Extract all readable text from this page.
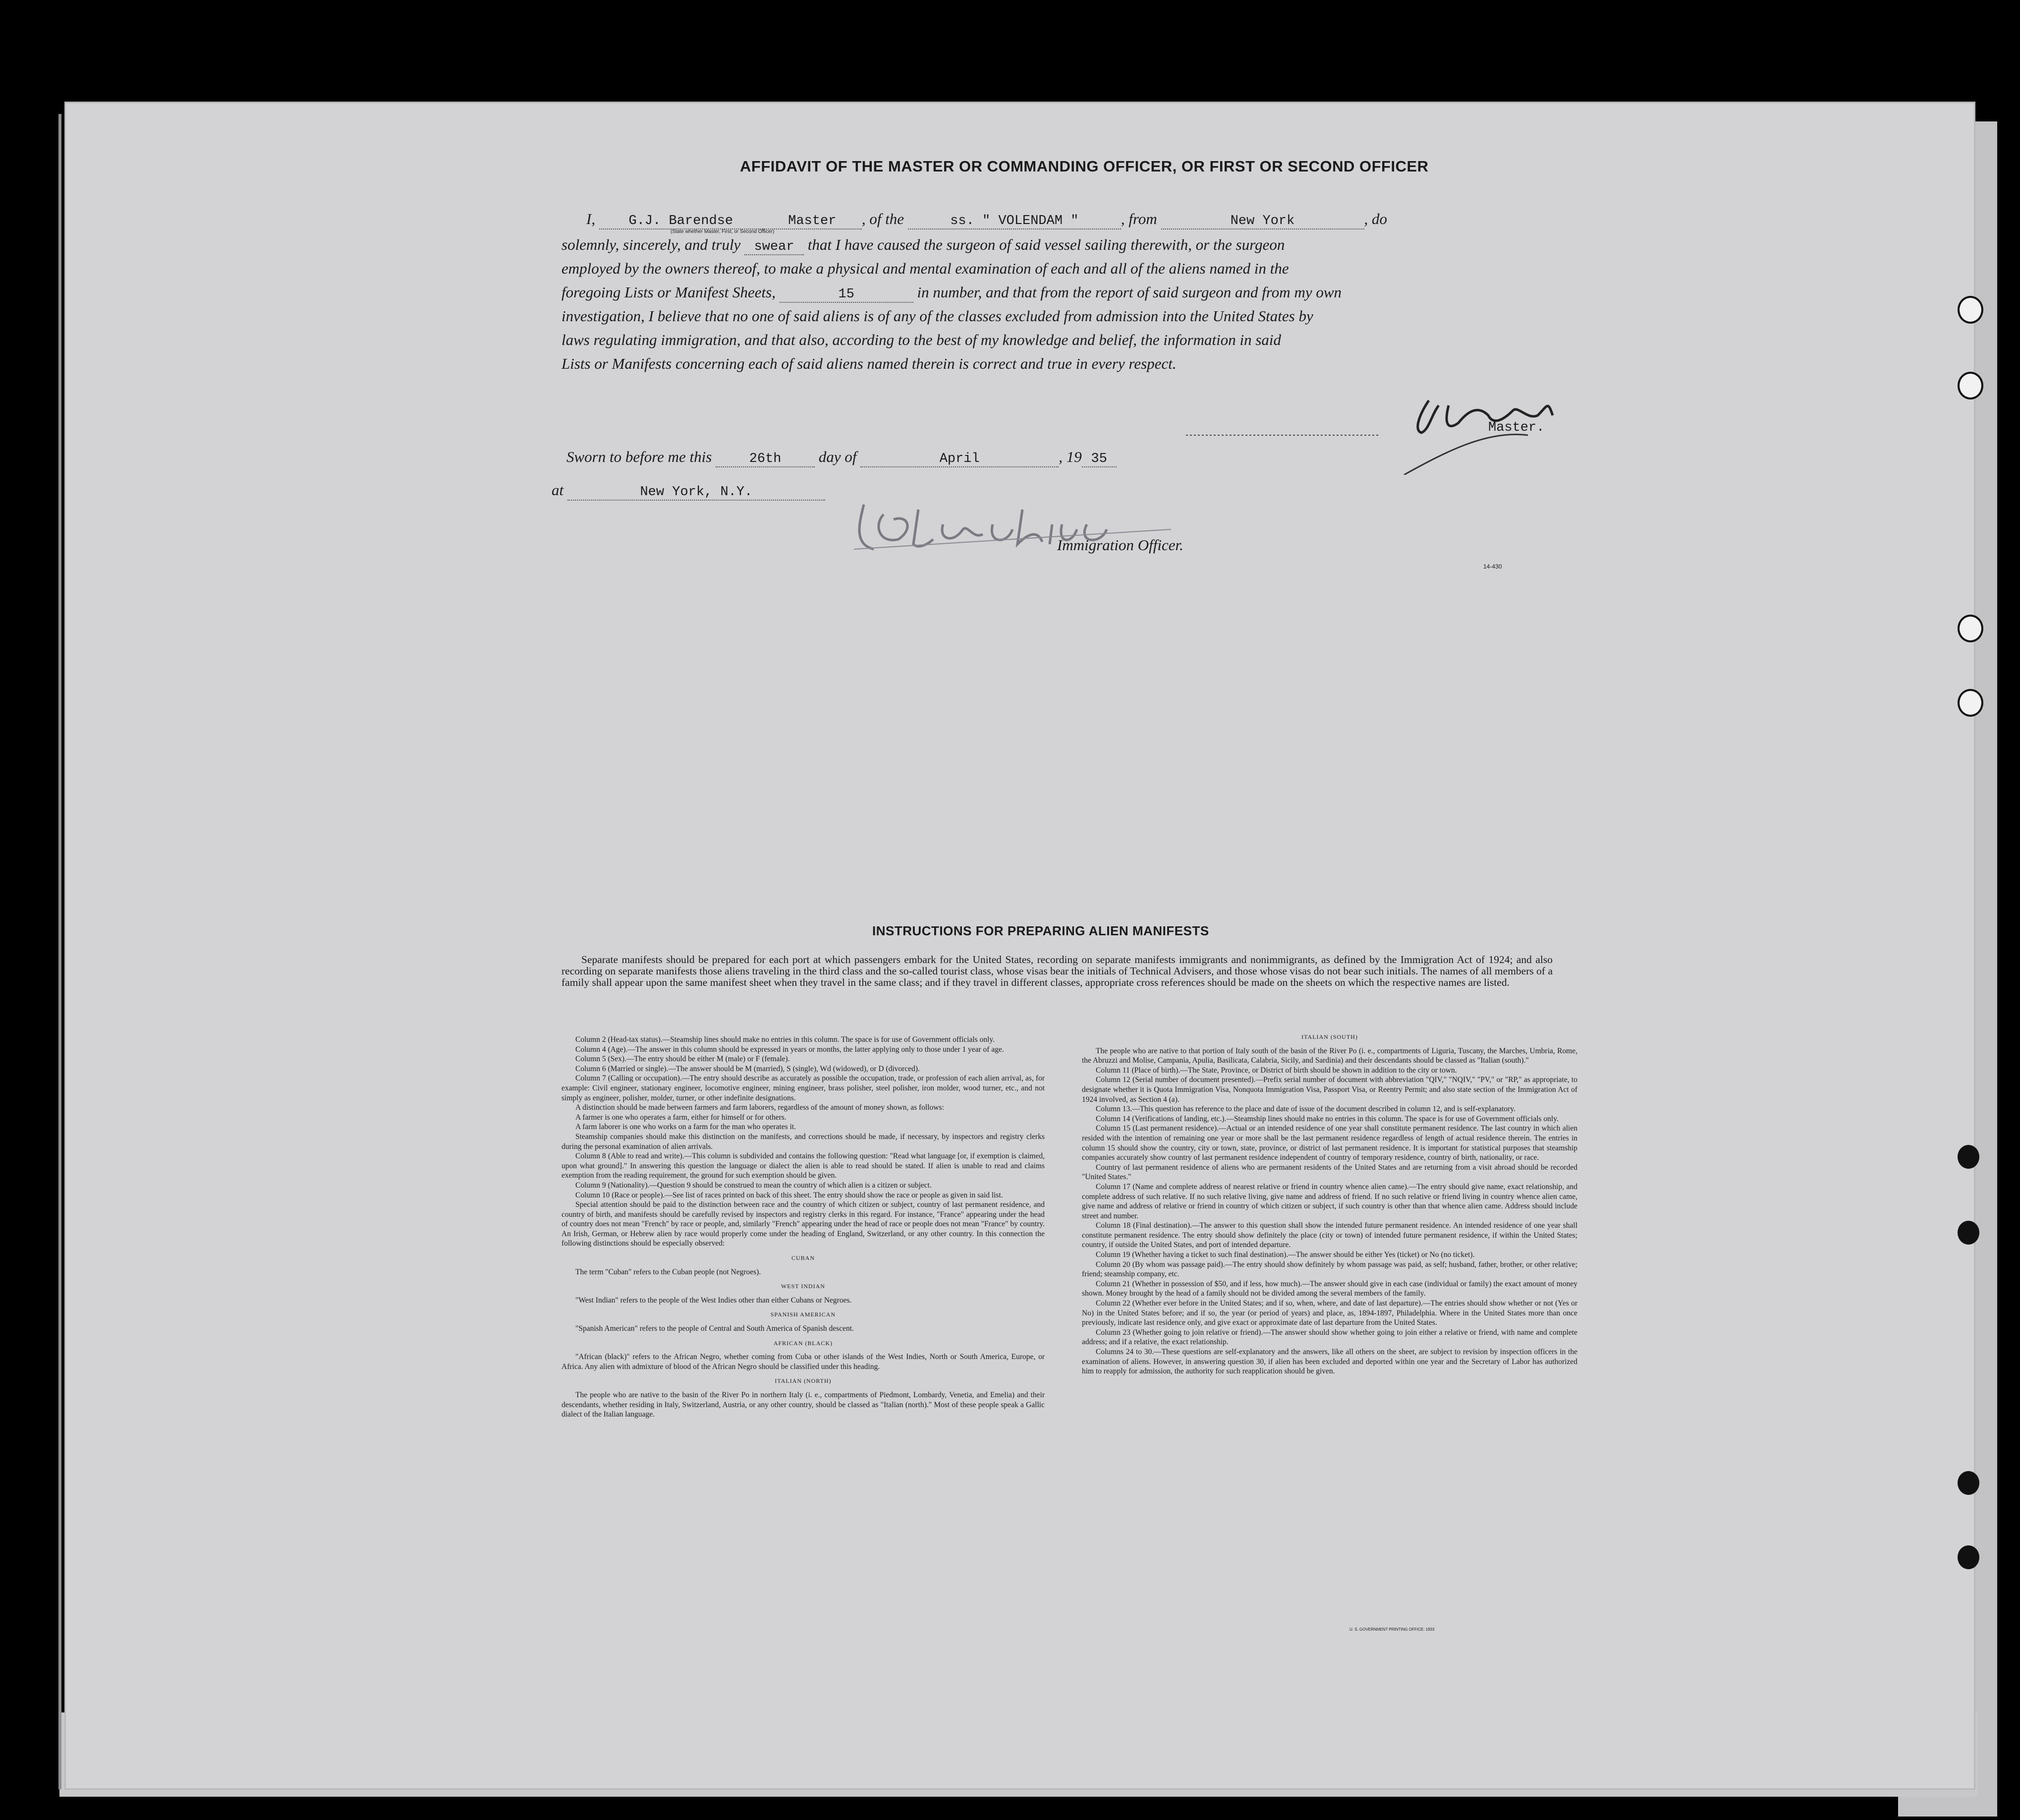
AFFIDAVIT OF THE MASTER OR COMMANDING OFFICER, OR FIRST OR SECOND OFFICER
I, G.J. Barendse	Master , of the	ss. " VOLENDAM "	, from	New York	, do
(State whether Master, First, or Second Officer)
solemnly, sincerely, and truly swear that I have caused the surgeon of said vessel sailing therewith, or the surgeon
employed by the owners thereof, to make a physical and mental examination of each and all of the aliens named in the
foregoing Lists or Manifest Sheets,	15	in number, and that from the report of said surgeon and from my own
investigation, I believe that no one of said aliens is of any of the classes excluded from admission into the United States by
laws regulating immigration, and that also, according to the best of my knowledge and belief, the information in said
Lists or Manifests concerning each of said aliens named therein is correct and true in every respect.
Master.
Sworn to before me this	26th day of	April	, 19 35
at	New York, N.Y.
Immigration Officer.
14-430
INSTRUCTIONS FOR PREPARING ALIEN MANIFESTS

Separate manifests should be prepared for each port at which passengers embark for the United States, recording on separate manifests immigrants and nonimmigrants, as defined by the Immigration Act of 1924; and also recording on separate manifests those aliens traveling in the third class and the so-called tourist class, whose visas bear the initials of Technical Advisers, and those whose visas do not bear such initials. The names of all members of a family shall appear upon the same manifest sheet when they travel in the same class; and if they travel in different classes, appropriate cross references should be made on the sheets on which the respective names are listed.

Column 2 (Head-tax status).—Steamship lines should make no entries in this column. The space is for use of Government officials only.

Column 4 (Age).—The answer in this column should be expressed in years or months, the latter applying only to those under 1 year of age.

Column 5 (Sex).—The entry should be either M (male) or F (female).

Column 6 (Married or single).—The answer should be M (married), S (single), Wd (widowed), or D (divorced).

Column 7 (Calling or occupation).—The entry should describe as accurately as possible the occupation, trade, or profession of each alien arrival, as, for example: Civil engineer, stationary engineer, locomotive engineer, mining engineer, brass polisher, steel polisher, iron molder, wood turner, etc., and not simply as engineer, polisher, molder, turner, or other indefinite designations.

A distinction should be made between farmers and farm laborers, regardless of the amount of money shown, as follows:

A farmer is one who operates a farm, either for himself or for others.

A farm laborer is one who works on a farm for the man who operates it.

Steamship companies should make this distinction on the manifests, and corrections should be made, if necessary, by inspectors and registry clerks during the personal examination of alien arrivals.

Column 8 (Able to read and write).—This column is subdivided and contains the following question: "Read what language [or, if exemption is claimed, upon what ground]." In answering this question the language or dialect the alien is able to read should be stated. If alien is unable to read and claims exemption from the reading requirement, the ground for such exemption should be given.

Column 9 (Nationality).—Question 9 should be construed to mean the country of which alien is a citizen or subject.

Column 10 (Race or people).—See list of races printed on back of this sheet. The entry should show the race or people as given in said list.

Special attention should be paid to the distinction between race and the country of which citizen or subject, country of last permanent residence, and country of birth, and manifests should be carefully revised by inspectors and registry clerks in this regard. For instance, "France" appearing under the head of country does not mean "French" by race or people, and, similarly "French" appearing under the head of race or people does not mean "France" by country. An Irish, German, or Hebrew alien by race would properly come under the heading of England, Switzerland, or any other country. In this connection the following distinctions should be especially observed:

CUBAN

The term "Cuban" refers to the Cuban people (not Negroes).

WEST INDIAN

"West Indian" refers to the people of the West Indies other than either Cubans or Negroes.

SPANISH AMERICAN

"Spanish American" refers to the people of Central and South America of Spanish descent.

AFRICAN (BLACK)

"African (black)" refers to the African Negro, whether coming from Cuba or other islands of the West Indies, North or South America, Europe, or Africa. Any alien with admixture of blood of the African Negro should be classified under this heading.

ITALIAN (NORTH)

The people who are native to the basin of the River Po in northern Italy (i. e., compartments of Piedmont, Lombardy, Venetia, and Emelia) and their descendants, whether residing in Italy, Switzerland, Austria, or any other country, should be classed as "Italian (north)." Most of these people speak a Gallic dialect of the Italian language.

ITALIAN (SOUTH)

The people who are native to that portion of Italy south of the basin of the River Po (i. e., compartments of Liguria, Tuscany, the Marches, Umbria, Rome, the Abruzzi and Molise, Campania, Apulia, Basilicata, Calabria, Sicily, and Sardinia) and their descendants should be classed as "Italian (south)."

Column 11 (Place of birth).—The State, Province, or District of birth should be shown in addition to the city or town.

Column 12 (Serial number of document presented).—Prefix serial number of document with abbreviation "QIV," "NQIV," "PV," or "RP," as appropriate, to designate whether it is Quota Immigration Visa, Nonquota Immigration Visa, Passport Visa, or Reentry Permit; and also state section of the Immigration Act of 1924 involved, as Section 4 (a).

Column 13.—This question has reference to the place and date of issue of the document described in column 12, and is self-explanatory.

Column 14 (Verifications of landing, etc.).—Steamship lines should make no entries in this column. The space is for use of Government officials only.

Column 15 (Last permanent residence).—Actual or an intended residence of one year shall constitute permanent residence. The last country in which alien resided with the intention of remaining one year or more shall be the last permanent residence regardless of length of actual residence therein. The entries in column 15 should show the country, city or town, state, province, or district of last permanent residence. It is important for statistical purposes that steamship companies accurately show country of last permanent residence independent of country of temporary residence, country of birth, nationality, or race.

Country of last permanent residence of aliens who are permanent residents of the United States and are returning from a visit abroad should be recorded "United States."

Column 17 (Name and complete address of nearest relative or friend in country whence alien came).—The entry should give name, exact relationship, and complete address of such relative. If no such relative living, give name and address of friend. If no such relative or friend living in country whence alien came, give name and address of relative or friend in country of which citizen or subject, if such country is other than that whence alien came. Address should include street and number.

Column 18 (Final destination).—The answer to this question shall show the intended future permanent residence. An intended residence of one year shall constitute permanent residence. The entry should show definitely the place (city or town) of intended future permanent residence, if within the United States; country, if outside the United States, and port of intended departure.

Column 19 (Whether having a ticket to such final destination).—The answer should be either Yes (ticket) or No (no ticket).

Column 20 (By whom was passage paid).—The entry should show definitely by whom passage was paid, as self; husband, father, brother, or other relative; friend; steamship company, etc.

Column 21 (Whether in possession of $50, and if less, how much).—The answer should give in each case (individual or family) the exact amount of money shown. Money brought by the head of a family should not be divided among the several members of the family.

Column 22 (Whether ever before in the United States; and if so, when, where, and date of last departure).—The entries should show whether or not (Yes or No) in the United States before; and if so, the year (or period of years) and place, as, 1894-1897, Philadelphia. Where in the United States more than once previously, indicate last residence only, and give exact or approximate date of last departure from the United States.

Column 23 (Whether going to join relative or friend).—The answer should show whether going to join either a relative or friend, with name and complete address; and if a relative, the exact relationship.

Columns 24 to 30.—These questions are self-explanatory and the answers, like all others on the sheet, are subject to revision by inspection officers in the examination of aliens. However, in answering question 30, if alien has been excluded and deported within one year and the Secretary of Labor has authorized him to reapply for admission, the authority for such reapplication should be given.

U. S. GOVERNMENT PRINTING OFFICE: 1933
